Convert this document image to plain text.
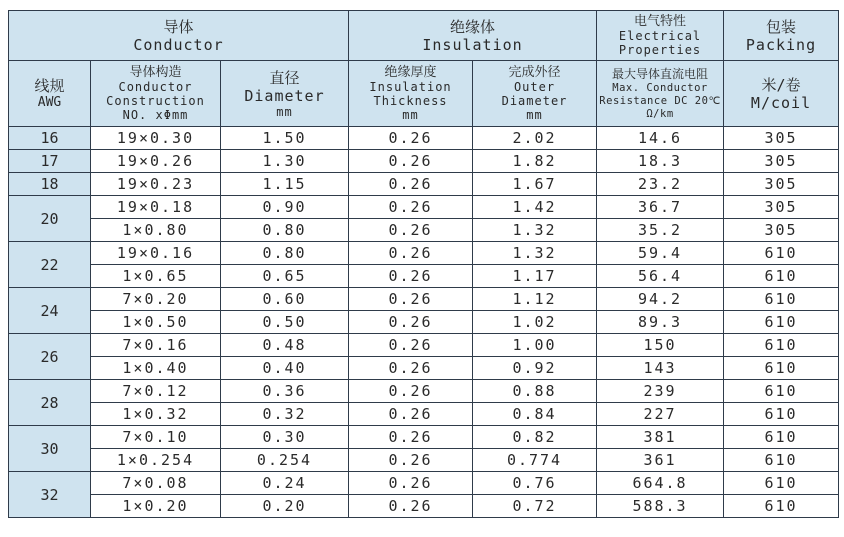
导体
Conductor			绝缘体
Insulation		电气特性
Electrical
Properties	包装
Packing

线规
AWG	导体构造
Conductor
Construction
NO. xΦmm	直径
Diameter
mm	绝缘厚度
Insulation
Thickness
mm	完成外径
Outer
Diameter
mm	最大导体直流电阻
Max. Conductor
Resistance DC 20℃
Ω/km	米/卷
M/coil

16	19×0.30	1.50	0.26	2.02	14.6	305
17	19×0.26	1.30	0.26	1.82	18.3	305
18	19×0.23	1.15	0.26	1.67	23.2	305
20	19×0.18	0.90	0.26	1.42	36.7	305
	1×0.80	0.80	0.26	1.32	35.2	305
22	19×0.16	0.80	0.26	1.32	59.4	610
	1×0.65	0.65	0.26	1.17	56.4	610
24	7×0.20	0.60	0.26	1.12	94.2	610
	1×0.50	0.50	0.26	1.02	89.3	610
26	7×0.16	0.48	0.26	1.00	150	610
	1×0.40	0.40	0.26	0.92	143	610
28	7×0.12	0.36	0.26	0.88	239	610
	1×0.32	0.32	0.26	0.84	227	610
30	7×0.10	0.30	0.26	0.82	381	610
	1×0.254	0.254	0.26	0.774	361	610
32	7×0.08	0.24	0.26	0.76	664.8	610
	1×0.20	0.20	0.26	0.72	588.3	610
